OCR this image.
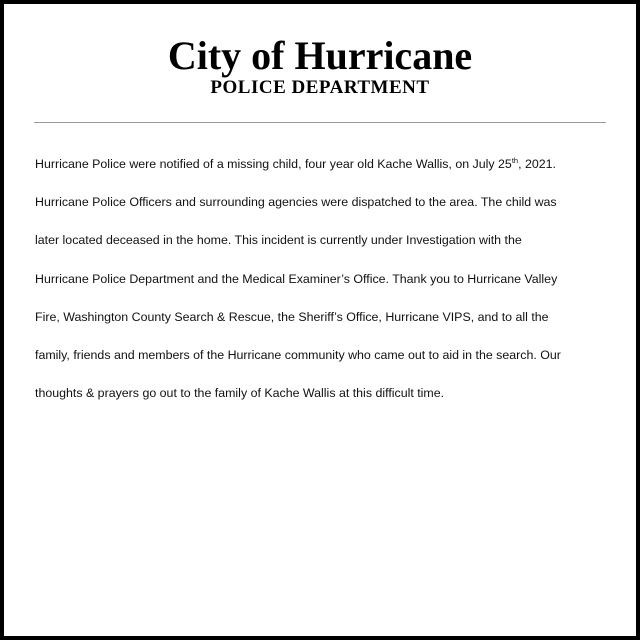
City of Hurricane
POLICE DEPARTMENT
Hurricane Police were notified of a missing child, four year old Kache Wallis, on July 25th, 2021.
Hurricane Police Officers and surrounding agencies were dispatched to the area. The child was
later located deceased in the home. This incident is currently under Investigation with the
Hurricane Police Department and the Medical Examiner’s Office. Thank you to Hurricane Valley
Fire, Washington County Search & Rescue, the Sheriff’s Office, Hurricane VIPS, and to all the
family, friends and members of the Hurricane community who came out to aid in the search. Our
thoughts & prayers go out to the family of Kache Wallis at this difficult time.
